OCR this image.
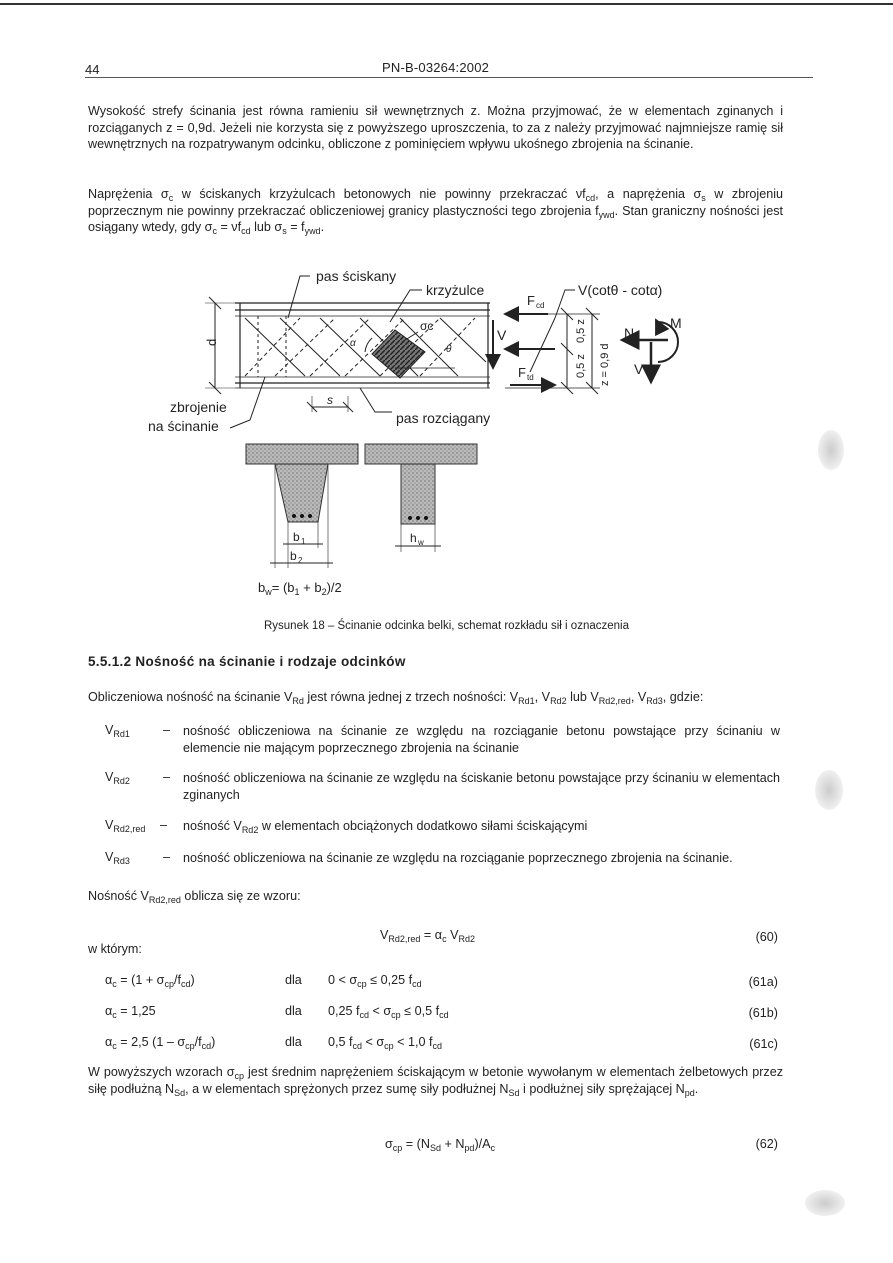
44	PN-B-03264:2002
Wysokość strefy ścinania jest równa ramieniu sił wewnętrznych z. Można przyjmować, że w elementach zginanych i rozciąganych z = 0,9d. Jeżeli nie korzysta się z powyższego uproszczenia, to za z należy przyjmować najmniejsze ramię sił wewnętrznych na rozpatrywanym odcinku, obliczone z pominięciem wpływu ukośnego zbrojenia na ścinanie.
Naprężenia $\sigma_c$ w ściskanych krzyżulcach betonowych nie powinny przekraczać $\nu f_{cd}$, a naprężenia $\sigma_s$ w zbrojeniu poprzecznym nie powinny przekraczać obliczeniowej granicy plastyczności tego zbrojenia $f_{ywd}$. Stan graniczny nośności jest osiągany wtedy, gdy $\sigma_c = \nu f_{cd}$ lub $\sigma_s = f_{ywd}$.
α
θ
σc
d
pas ściskany
krzyżulce
F cd
F td
V
V(cotθ - cotα)
0,5 z
0,5 z z = 0,9 d
N
M
V
zbrojenie
na ścinanie
s
pas rozciągany
b 1
b 2
h w
$b_w= (b_1 + b_2)/2$
Rysunek 18 – Ścinanie odcinka belki, schemat rozkładu sił i oznaczenia
5.5.1.2 Nośność na ścinanie i rodzaje odcinków
Obliczeniowa nośność na ścinanie $V_{Rd}$ jest równa jednej z trzech nośności: $V_{Rd1}$, $V_{Rd2}$ lub $V_{Rd2,red}$, $V_{Rd3}$, gdzie:
$V_{Rd1}$	– nośność obliczeniowa na ścinanie ze względu na rozciąganie betonu powstające przy ścinaniu w elemencie nie mającym poprzecznego zbrojenia na ścinanie
$V_{Rd2}$	– nośność obliczeniowa na ścinanie ze względu na ściskanie betonu powstające przy ścinaniu w elementach zginanych
$V_{Rd2,red}$ – nośność $V_{Rd2}$ w elementach obciążonych dodatkowo siłami ściskającymi
$V_{Rd3}$	– nośność obliczeniowa na ścinanie ze względu na rozciąganie poprzecznego zbrojenia na ścinanie.
Nośność $V_{Rd2,red}$ oblicza się ze wzoru:
$V_{Rd2,red} = \alpha_c$ $V_{Rd2}$	(60)
w którym:
$\alpha_c = (1 + \sigma_{cp}/f_{cd})$	dla $0 < \sigma_{cp} \le 0,25$ $f_{cd}$	(61a)
$\alpha_c = 1,25$	dla 0,25 $f_{cd} < \sigma_{cp} \le 0,5$ $f_{cd}$	(61b)
$\alpha_c = 2,5$ $(1 - \sigma_{cp}/f_{cd})$	dla 0,5 $f_{cd} < \sigma_{cp} < 1,0$ $f_{cd}$	(61c)
W powyższych wzorach $\sigma_{cp}$ jest średnim naprężeniem ściskającym w betonie wywołanym w elementach żelbetowych przez siłę podłużną $N_{Sd}$, a w elementach sprężonych przez sumę siły podłużnej $N_{Sd}$ i podłużnej siły sprężającej $N_{pd}$.
$\sigma_{cp} = (N_{Sd} + N_{pd})/A_c$	(62)
